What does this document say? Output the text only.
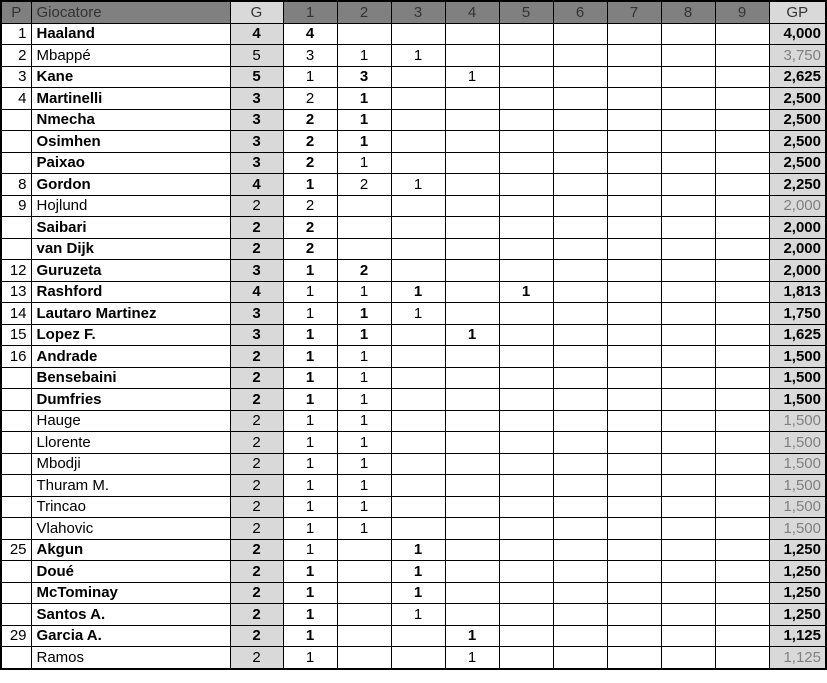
P	Giocatore	G	1	2	3	4	5	6	7	8	9	GP
1	Haaland	4	4									4,000
2	Mbappé	5	3	1	1							3,750
3	Kane	5	1	3		1						2,625
4	Martinelli	3	2	1								2,500
	Nmecha	3	2	1								2,500
	Osimhen	3	2	1								2,500
	Paixao	3	2	1								2,500
8	Gordon	4	1	2	1							2,250
9	Hojlund	2	2									2,000
	Saibari	2	2									2,000
	van Dijk	2	2									2,000
12	Guruzeta	3	1	2								2,000
13	Rashford	4	1	1	1		1					1,813
14	Lautaro Martinez	3	1	1	1							1,750
15	Lopez F.	3	1	1		1						1,625
16	Andrade	2	1	1								1,500
	Bensebaini	2	1	1								1,500
	Dumfries	2	1	1								1,500
	Hauge	2	1	1								1,500
	Llorente	2	1	1								1,500
	Mbodji	2	1	1								1,500
	Thuram M.	2	1	1								1,500
	Trincao	2	1	1								1,500
	Vlahovic	2	1	1								1,500
25	Akgun	2	1		1							1,250
	Doué	2	1		1							1,250
	McTominay	2	1		1							1,250
	Santos A.	2	1		1							1,250
29	Garcia A.	2	1			1						1,125
	Ramos	2	1			1						1,125
